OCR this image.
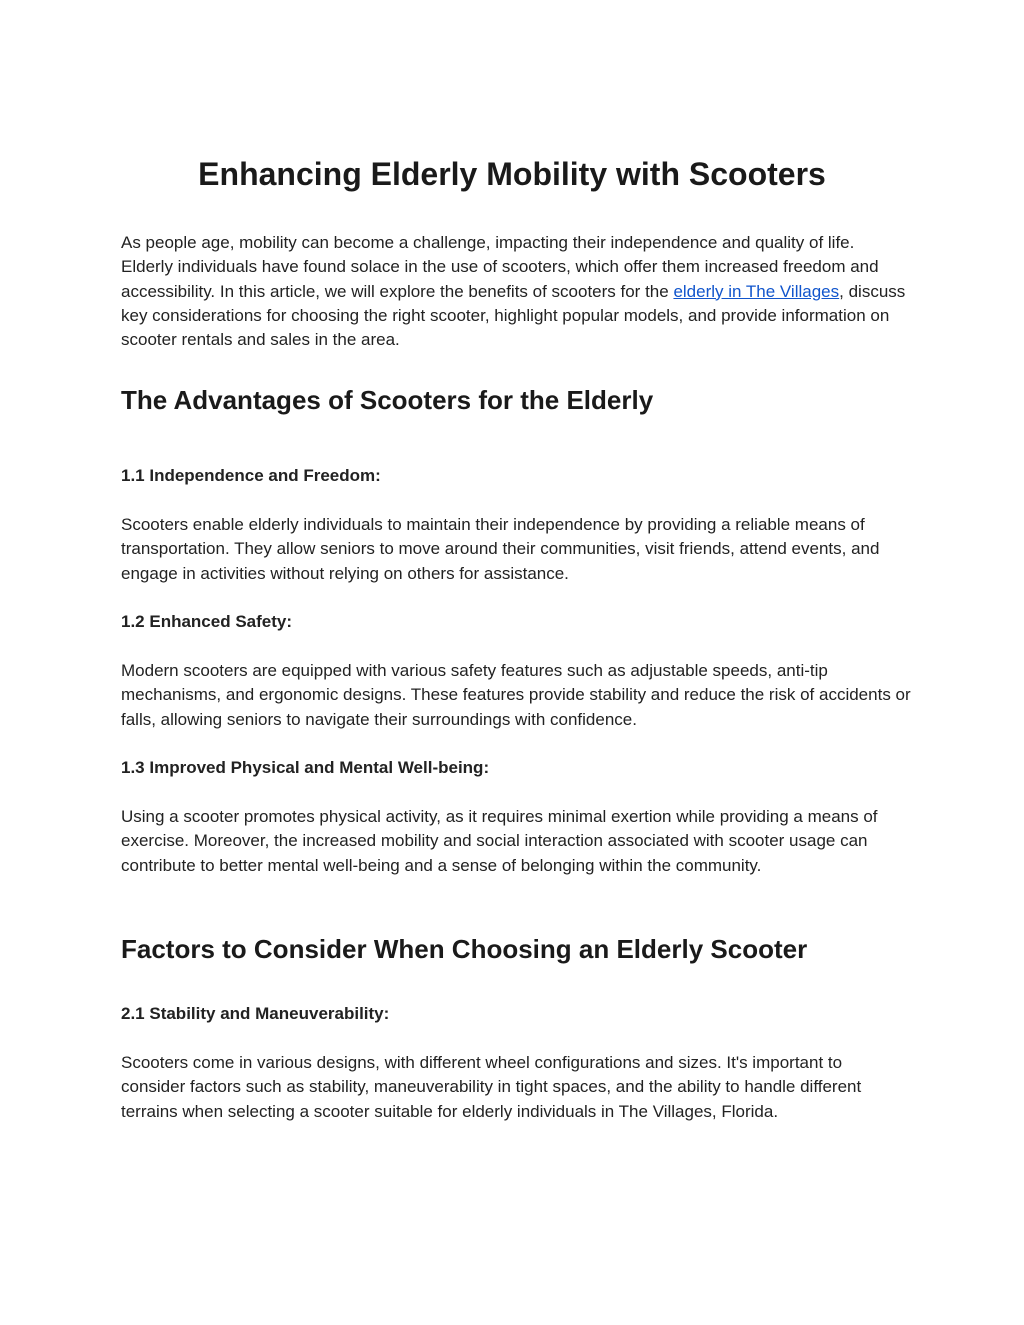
Enhancing Elderly Mobility with Scooters

As people age, mobility can become a challenge, impacting their independence and quality of life. Elderly individuals have found solace in the use of scooters, which offer them increased freedom and accessibility. In this article, we will explore the benefits of scooters for the elderly in The Villages, discuss key considerations for choosing the right scooter, highlight popular models, and provide information on scooter rentals and sales in the area.

The Advantages of Scooters for the Elderly
1.1 Independence and Freedom:

Scooters enable elderly individuals to maintain their independence by providing a reliable means of transportation. They allow seniors to move around their communities, visit friends, attend events, and engage in activities without relying on others for assistance.

1.2 Enhanced Safety:

Modern scooters are equipped with various safety features such as adjustable speeds, anti-tip mechanisms, and ergonomic designs. These features provide stability and reduce the risk of accidents or falls, allowing seniors to navigate their surroundings with confidence.

1.3 Improved Physical and Mental Well-being:

Using a scooter promotes physical activity, as it requires minimal exertion while providing a means of exercise. Moreover, the increased mobility and social interaction associated with scooter usage can contribute to better mental well-being and a sense of belonging within the community.

Factors to Consider When Choosing an Elderly Scooter
2.1 Stability and Maneuverability:

Scooters come in various designs, with different wheel configurations and sizes. It's important to consider factors such as stability, maneuverability in tight spaces, and the ability to handle different terrains when selecting a scooter suitable for elderly individuals in The Villages, Florida.
